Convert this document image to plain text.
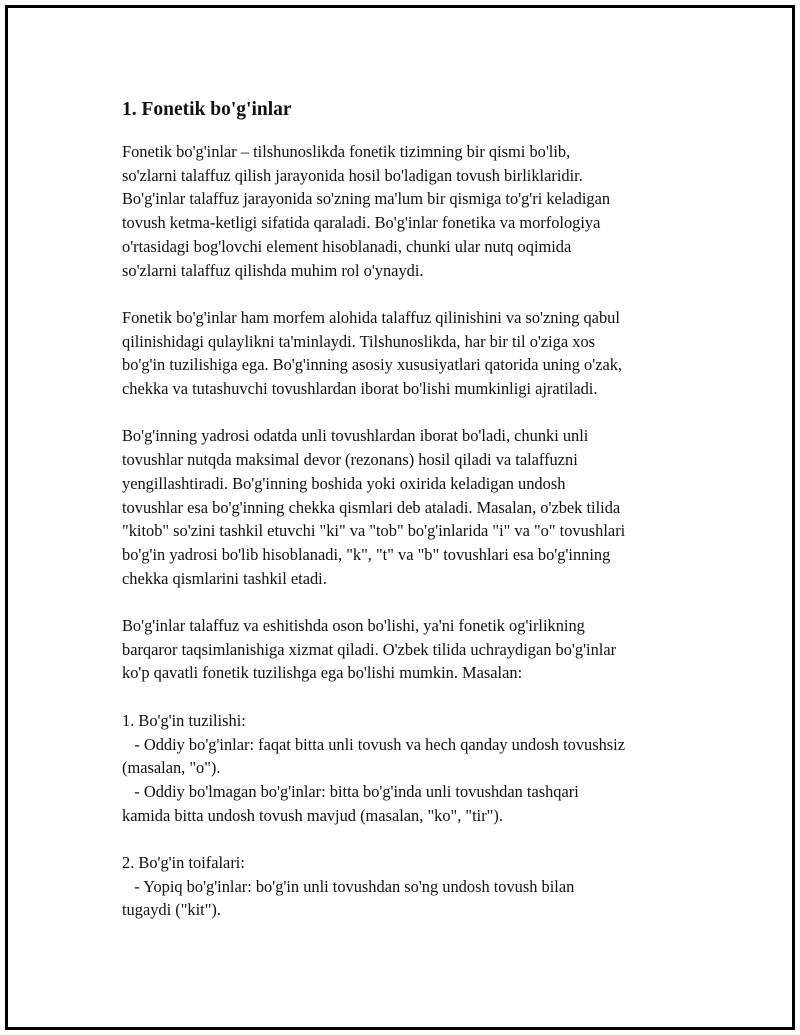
1. Fonetik bo'g'inlar

Fonetik bo'g'inlar – tilshunoslikda fonetik tizimning bir qismi bo'lib,
so'zlarni talaffuz qilish jarayonida hosil bo'ladigan tovush birliklaridir.
Bo'g'inlar talaffuz jarayonida so'zning ma'lum bir qismiga to'g'ri keladigan
tovush ketma-ketligi sifatida qaraladi. Bo'g'inlar fonetika va morfologiya
o'rtasidagi bog'lovchi element hisoblanadi, chunki ular nutq oqimida
so'zlarni talaffuz qilishda muhim rol o'ynaydi.

Fonetik bo'g'inlar ham morfem alohida talaffuz qilinishini va so'zning qabul
qilinishidagi qulaylikni ta'minlaydi. Tilshunoslikda, har bir til o'ziga xos
bo'g'in tuzilishiga ega. Bo'g'inning asosiy xususiyatlari qatorida uning o'zak,
chekka va tutashuvchi tovushlardan iborat bo'lishi mumkinligi ajratiladi.

Bo'g'inning yadrosi odatda unli tovushlardan iborat bo'ladi, chunki unli
tovushlar nutqda maksimal devor (rezonans) hosil qiladi va talaffuzni
yengillashtiradi. Bo'g'inning boshida yoki oxirida keladigan undosh
tovushlar esa bo'g'inning chekka qismlari deb ataladi. Masalan, o'zbek tilida
"kitob" so'zini tashkil etuvchi "ki" va "tob" bo'g'inlarida "i" va "o" tovushlari
bo'g'in yadrosi bo'lib hisoblanadi, "k", "t" va "b" tovushlari esa bo'g'inning
chekka qismlarini tashkil etadi.

Bo'g'inlar talaffuz va eshitishda oson bo'lishi, ya'ni fonetik og'irlikning
barqaror taqsimlanishiga xizmat qiladi. O'zbek tilida uchraydigan bo'g'inlar
ko'p qavatli fonetik tuzilishga ega bo'lishi mumkin. Masalan:

1. Bo'g'in tuzilishi:
- Oddiy bo'g'inlar: faqat bitta unli tovush va hech qanday undosh tovushsiz
(masalan, "o").
- Oddiy bo'lmagan bo'g'inlar: bitta bo'g'inda unli tovushdan tashqari
kamida bitta undosh tovush mavjud (masalan, "ko", "tir").
2. Bo'g'in toifalari:
- Yopiq bo'g'inlar: bo'g'in unli tovushdan so'ng undosh tovush bilan
tugaydi ("kit").
